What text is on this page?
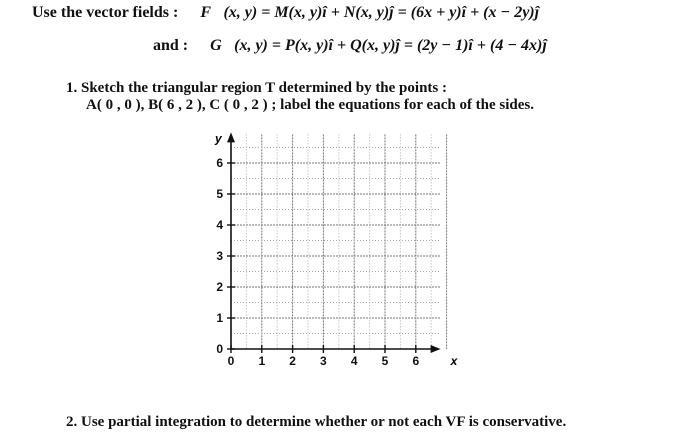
Use the vector fields : F⃗(x, y) = M(x, y)î + N(x, y)ĵ = (6x + y)î + (x − 2y)ĵ
and : G⃗(x, y) = P(x, y)î + Q(x, y)ĵ = (2y − 1)î + (4 − 4x)ĵ
1. Sketch the triangular region T determined by the points :
A( 0 , 0 ), B( 6 , 2 ), C ( 0 , 2 ) ; label the equations for each of the sides.
0 1 2 3 4 5 6
0
1
2
3
4
5
6
x
y
2. Use partial integration to determine whether or not each VF is conservative.
